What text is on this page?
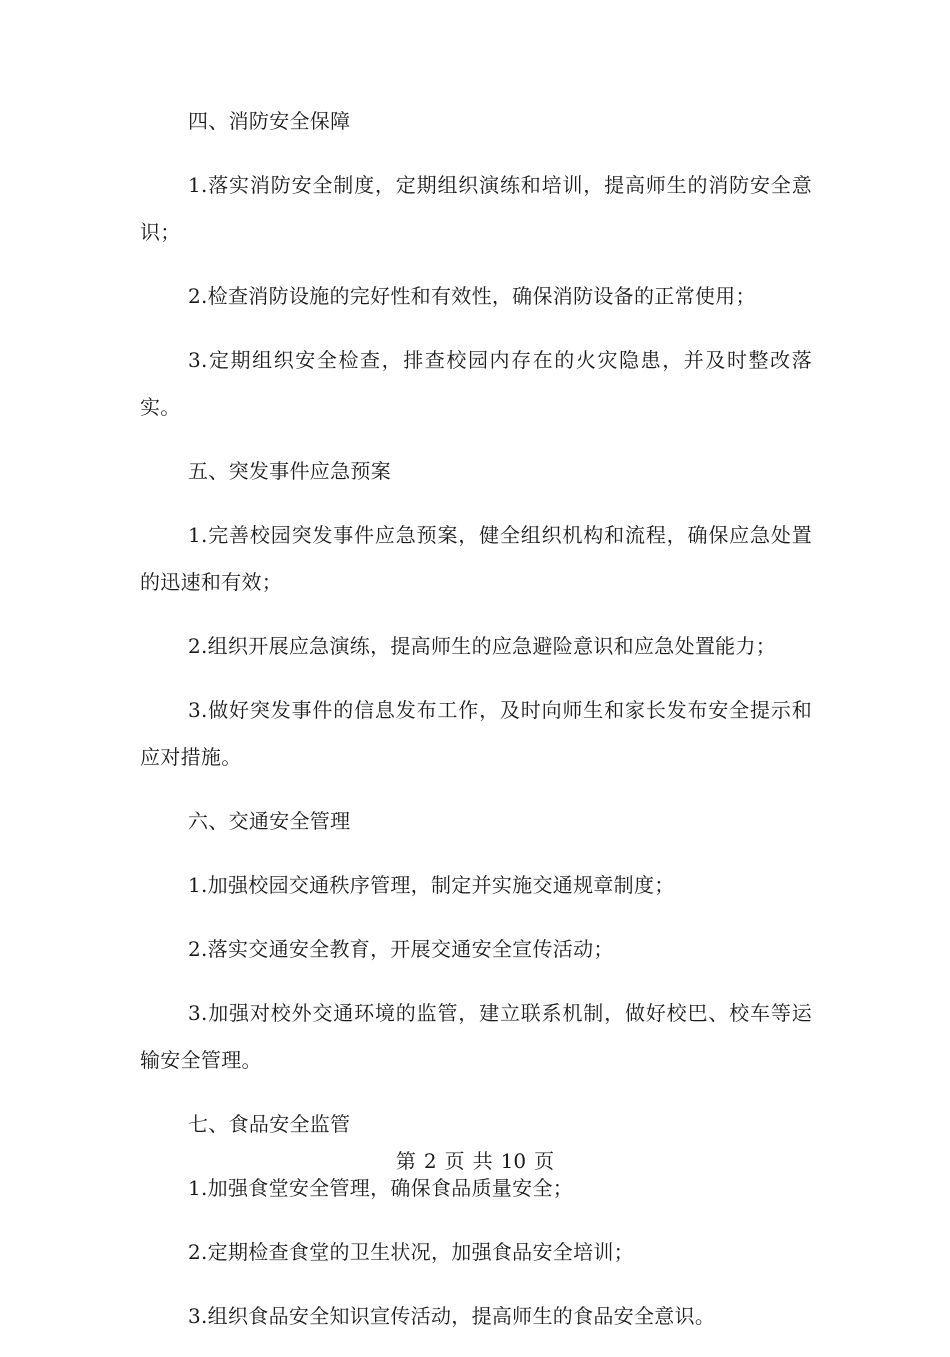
四、消防安全保障

1.落实消防安全制度，定期组织演练和培训，提高师生的消防安全意识；

2.检查消防设施的完好性和有效性，确保消防设备的正常使用；

3.定期组织安全检查，排查校园内存在的火灾隐患，并及时整改落实。

五、突发事件应急预案

1.完善校园突发事件应急预案，健全组织机构和流程，确保应急处置的迅速和有效；

2.组织开展应急演练，提高师生的应急避险意识和应急处置能力；

3.做好突发事件的信息发布工作，及时向师生和家长发布安全提示和应对措施。

六、交通安全管理

1.加强校园交通秩序管理，制定并实施交通规章制度；

2.落实交通安全教育，开展交通安全宣传活动；

3.加强对校外交通环境的监管，建立联系机制，做好校巴、校车等运输安全管理。

七、食品安全监管

1.加强食堂安全管理，确保食品质量安全；

2.定期检查食堂的卫生状况，加强食品安全培训；

3.组织食品安全知识宣传活动，提高师生的食品安全意识。

第 2 页 共 10 页
